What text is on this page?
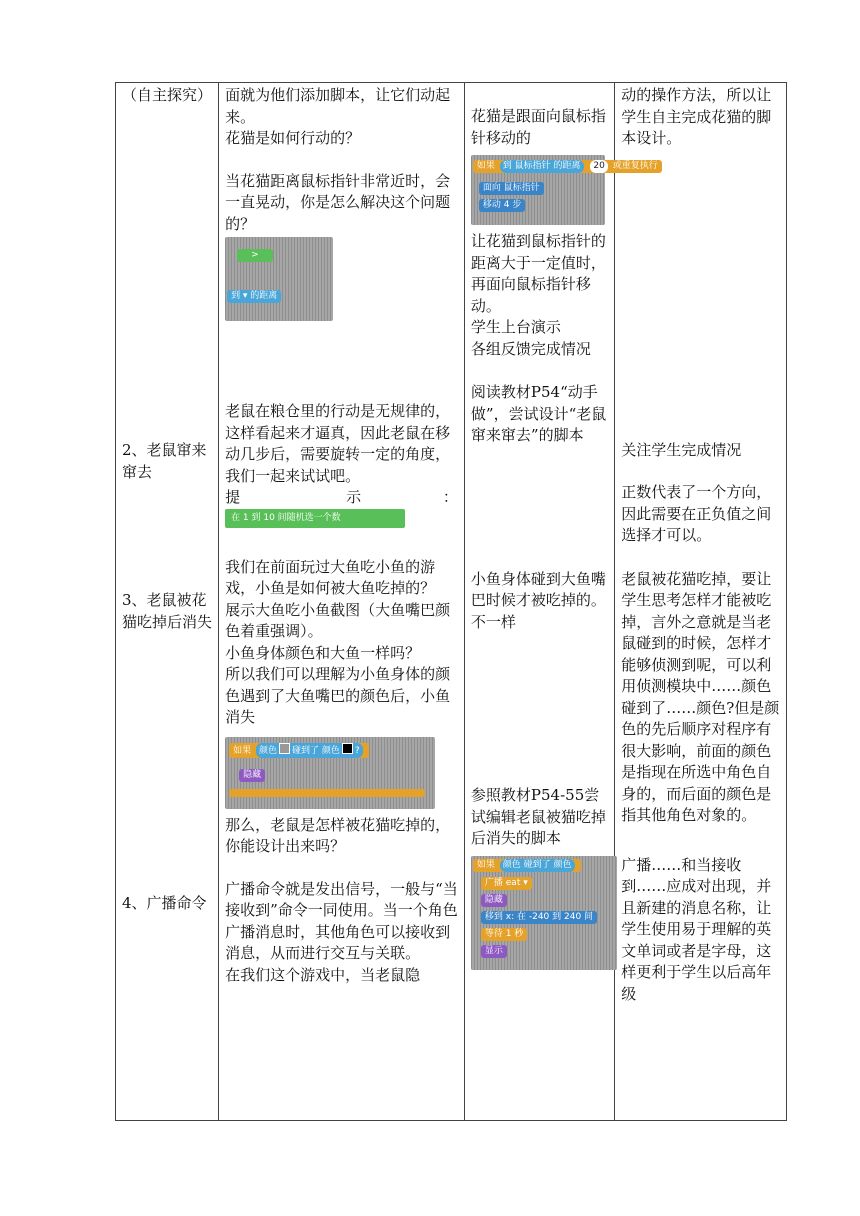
（自主探究）
2、老鼠窜来窜去
3、老鼠被花猫吃掉后消失
4、广播命令

面就为他们添加脚本，让它们动起来。
花猫是如何行动的？
当花猫距离鼠标指针非常近时，会一直晃动，你是怎么解决这个问题的？
>
到 ▾ 的距离
老鼠在粮仓里的行动是无规律的，这样看起来才逼真，因此老鼠在移动几步后，需要旋转一定的角度，我们一起来试试吧。
提　　　　示　　　：
在 1 到 10 间随机选一个数
我们在前面玩过大鱼吃小鱼的游戏，小鱼是如何被大鱼吃掉的？
展示大鱼吃小鱼截图（大鱼嘴巴颜色着重强调）。
小鱼身体颜色和大鱼一样吗？
所以我们可以理解为小鱼身体的颜色遇到了大鱼嘴巴的颜色后，小鱼消失
如果 颜色 碰到了 颜色 ?
隐藏
那么，老鼠是怎样被花猫吃掉的，你能设计出来吗？
广播命令就是发出信号，一般与“当接收到”命令一同使用。当一个角色广播消息时，其他角色可以接收到消息，从而进行交互与关联。
在我们这个游戏中，当老鼠隐

花猫是跟面向鼠标指针移动的
如果 到 鼠标指针 的距离 20 或重复执行
面向 鼠标指针
移动 4 步
让花猫到鼠标指针的距离大于一定值时，再面向鼠标指针移动。
学生上台演示
各组反馈完成情况
阅读教材P54“动手做”，尝试设计“老鼠窜来窜去”的脚本
小鱼身体碰到大鱼嘴巴时候才被吃掉的。
不一样
参照教材P54-55尝试编辑老鼠被猫吃掉后消失的脚本
如果 颜色 碰到了 颜色
广播 eat ▾
隐藏
移到 x: 在 -240 到 240 间
等待 1 秒
显示

动的操作方法，所以让学生自主完成花猫的脚本设计。
关注学生完成情况
正数代表了一个方向，因此需要在正负值之间选择才可以。
老鼠被花猫吃掉，要让学生思考怎样才能被吃掉，言外之意就是当老鼠碰到的时候，怎样才能够侦测到呢，可以利用侦测模块中……颜色碰到了……颜色?但是颜色的先后顺序对程序有很大影响，前面的颜色是指现在所选中角色自身的，而后面的颜色是指其他角色对象的。
广播……和当接收到……应成对出现，并且新建的消息名称，让学生使用易于理解的英文单词或者是字母，这样更利于学生以后高年级
